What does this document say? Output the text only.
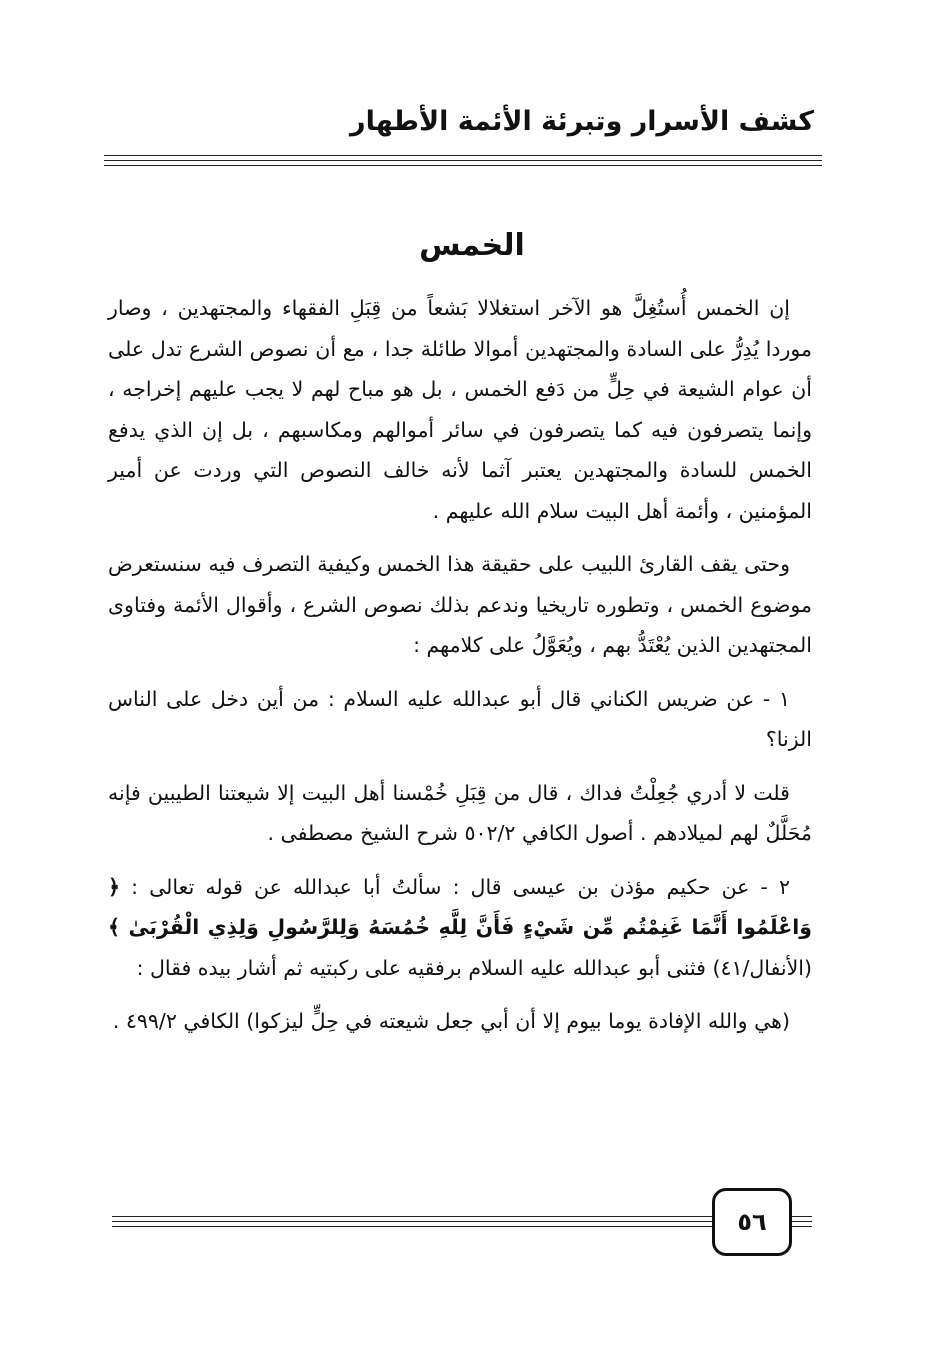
كشف الأسرار وتبرئة الأئمة الأطهار
الخمس

إن الخمس أُستُغِلَّ هو الآخر استغلالا بَشعاً من قِبَلِ الفقهاء والمجتهدين ، وصار موردا يُدِرُّ على السادة والمجتهدين أموالا طائلة جدا ، مع أن نصوص الشرع تدل على أن عوام الشيعة في حِلٍّ من دَفع الخمس ، بل هو مباح لهم لا يجب عليهم إخراجه ، وإنما يتصرفون فيه كما يتصرفون في سائر أموالهم ومكاسبهم ، بل إن الذي يدفع الخمس للسادة والمجتهدين يعتبر آثما لأنه خالف النصوص التي وردت عن أمير المؤمنين ، وأئمة أهل البيت سلام الله عليهم .

وحتى يقف القارئ اللبيب على حقيقة هذا الخمس وكيفية التصرف فيه سنستعرض موضوع الخمس ، وتطوره تاريخيا وندعم بذلك نصوص الشرع ، وأقوال الأئمة وفتاوى المجتهدين الذين يُعْتَدُّ بهم ، ويُعَوَّلُ على كلامهم :

١ - عن ضريس الكناني قال أبو عبدالله عليه السلام : من أين دخل على الناس الزنا؟

قلت لا أدري جُعِلْتُ فداك ، قال من قِبَلِ خُمْسنا أهل البيت إلا شيعتنا الطيبين فإنه مُحَلَّلٌ لهم لميلادهم . أصول الكافي ٥٠٢/٢ شرح الشيخ مصطفى .

٢ - عن حكيم مؤذن بن عيسى قال : سألتُ أبا عبدالله عن قوله تعالى : ﴿ وَاعْلَمُوا أَنَّمَا غَنِمْتُم مِّن شَيْءٍ فَأَنَّ لِلَّهِ خُمُسَهُ وَلِلرَّسُولِ وَلِذِي الْقُرْبَىٰ ﴾(الأنفال/٤١) فثنى أبو عبدالله عليه السلام برفقيه على ركبتيه ثم أشار بيده فقال :

(هي والله الإفادة يوما بيوم إلا أن أبي جعل شيعته في حِلٍّ ليزكوا) الكافي ٤٩٩/٢ .

٥٦
